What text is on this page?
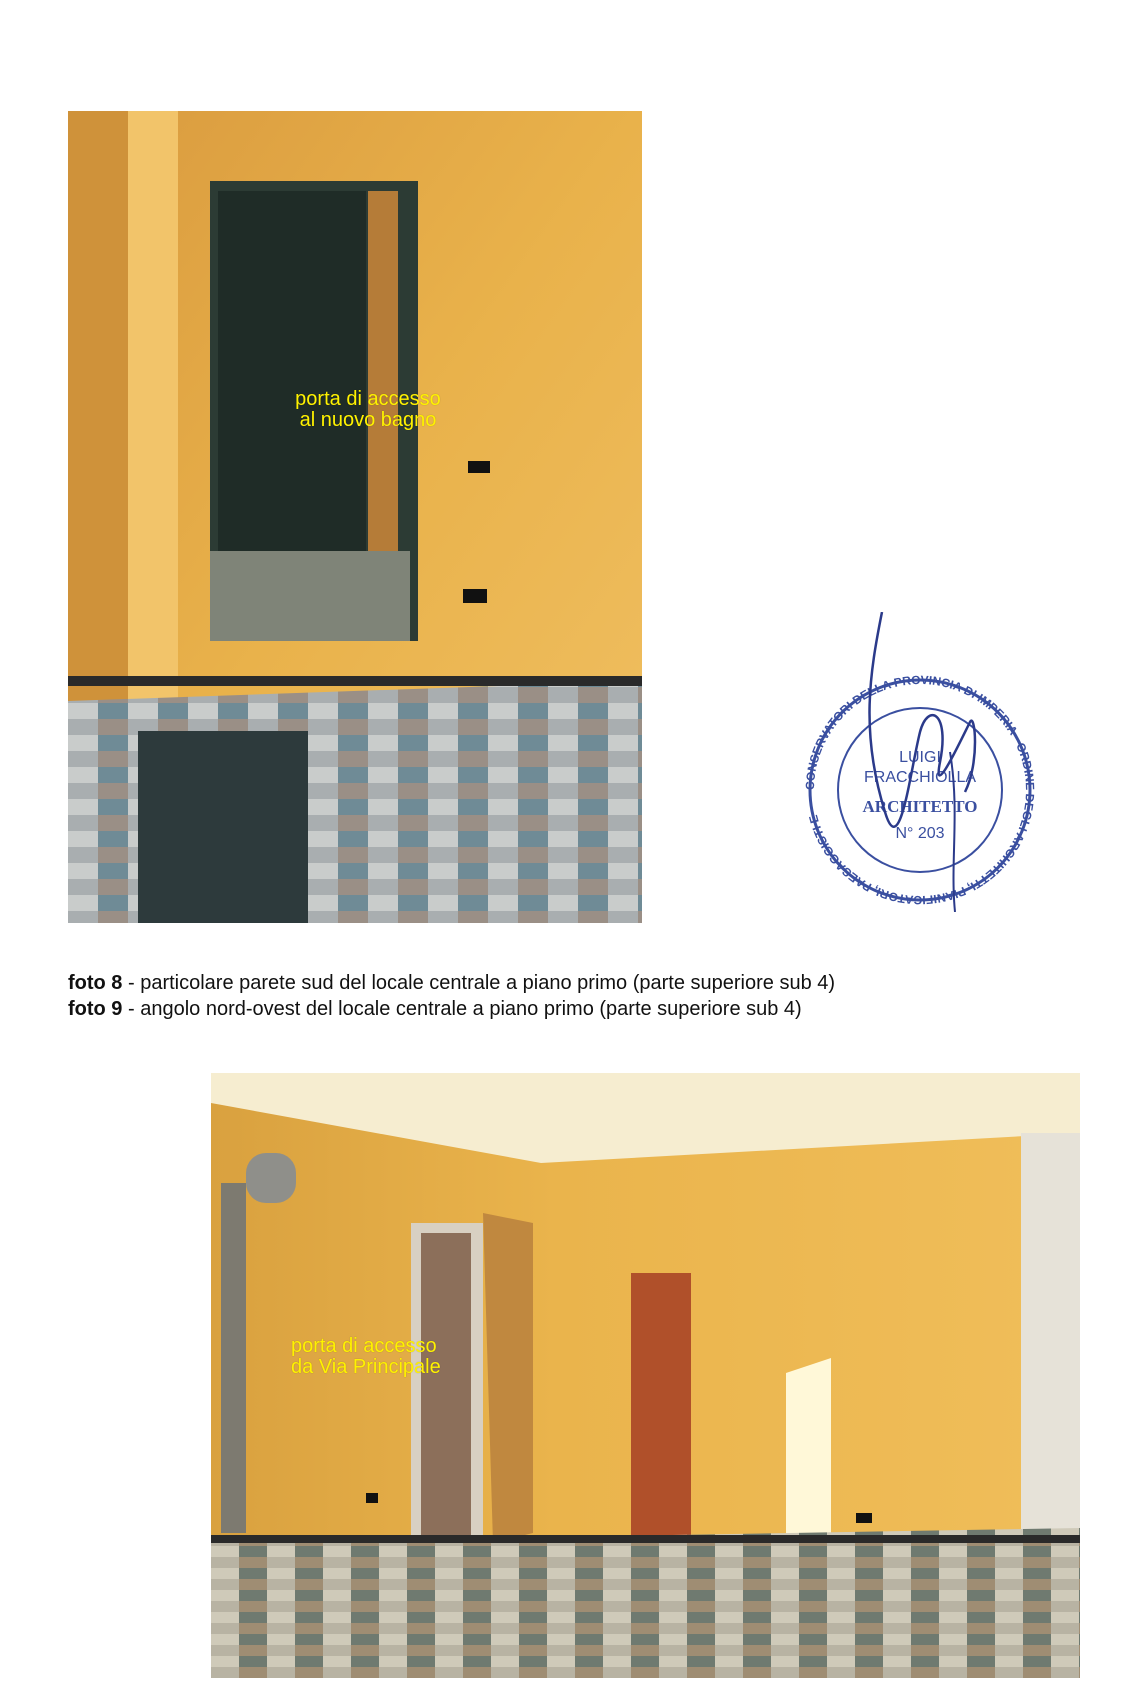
porta di accesso
al nuovo bagno
CONSERVATORI DELLA PROVINCIA DI IMPERIA · ORDINE DEGLI ARCHITETTI, PIANIFICATORI, PAESAGGISTI E
LUIGI
FRACCHIOLLA
ARCHITETTO
N° 203
foto 8 - particolare parete sud del locale centrale a piano primo (parte superiore sub 4)
foto 9 - angolo nord-ovest del locale centrale a piano primo (parte superiore sub 4)
porta di accesso
da Via Principale
